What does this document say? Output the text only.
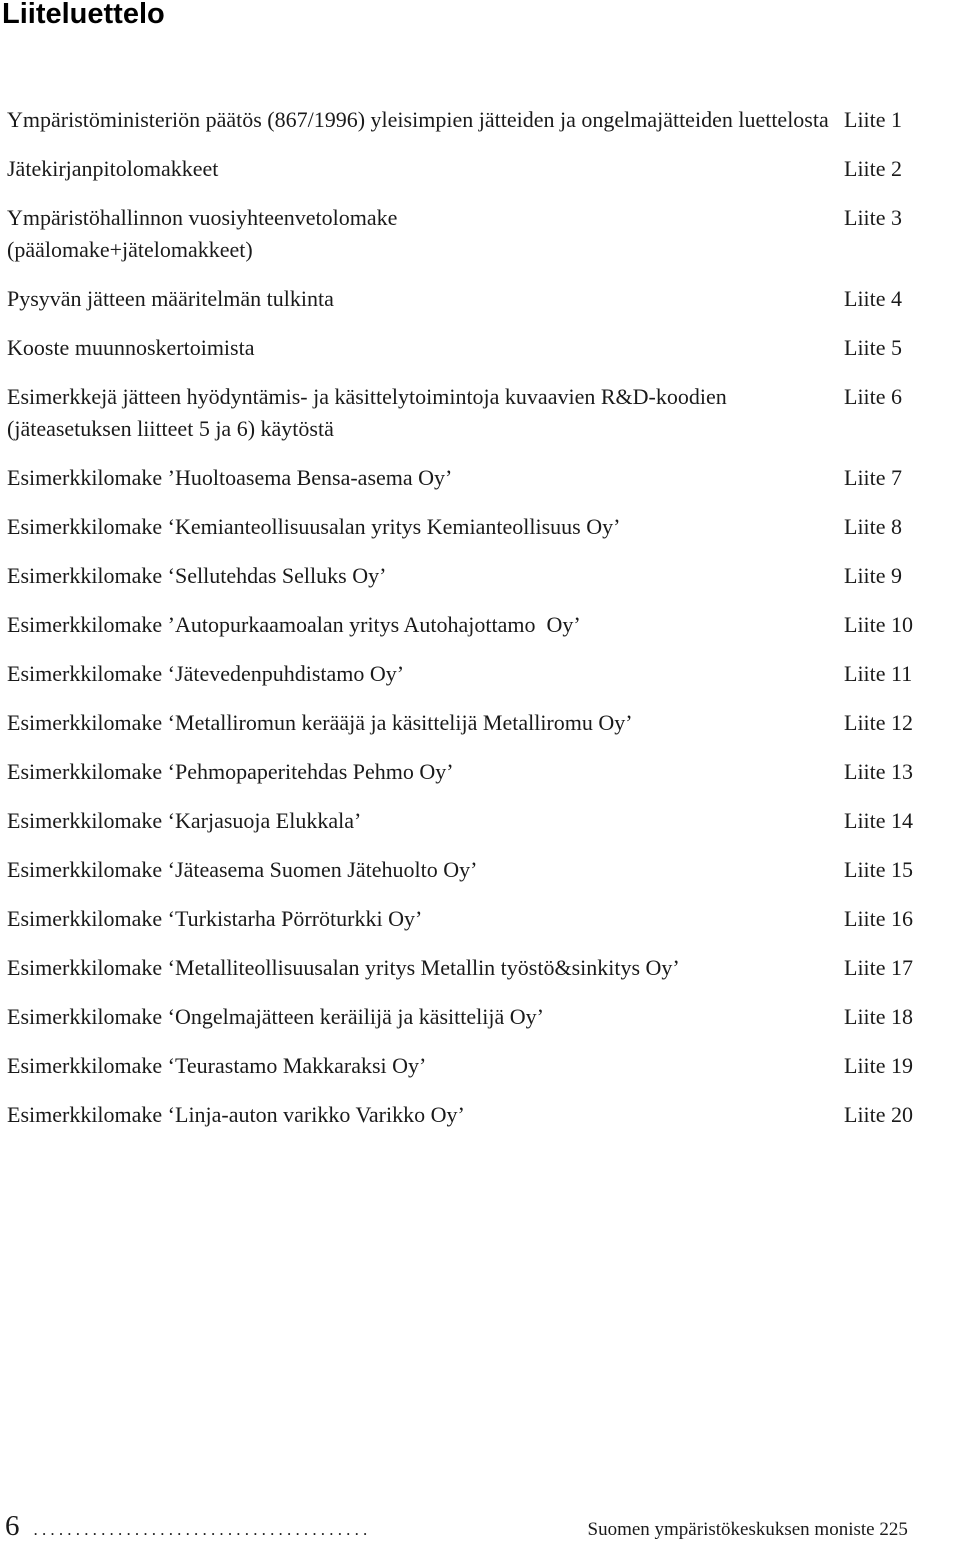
Liiteluettelo
Ympäristöministeriön päätös (867/1996) yleisimpien jätteiden ja ongelmajätteiden luettelosta Liite 1
Jätekirjanpitolomakkeet	Liite 2
Ympäristöhallinnon vuosiyhteenvetolomake
(päälomake+jätelomakkeet)
Liite 3
Pysyvän jätteen määritelmän tulkinta	Liite 4
Kooste muunnoskertoimista	Liite 5
Esimerkkejä jätteen hyödyntämis- ja käsittelytoimintoja kuvaavien R&D-koodien (jäteasetuksen liitteet 5 ja 6) käytöstä
Liite 6
Esimerkkilomake ’Huoltoasema Bensa-asema Oy’	Liite 7
Esimerkkilomake ‘Kemianteollisuusalan yritys Kemianteollisuus Oy’	Liite 8
Esimerkkilomake ‘Sellutehdas Selluks Oy’	Liite 9
Esimerkkilomake ’Autopurkaamoalan yritys Autohajottamo  Oy’	Liite 10
Esimerkkilomake ‘Jätevedenpuhdistamo Oy’	Liite 11
Esimerkkilomake ‘Metalliromun kerääjä ja käsittelijä Metalliromu Oy’	Liite 12
Esimerkkilomake ‘Pehmopaperitehdas Pehmo Oy’	Liite 13
Esimerkkilomake ‘Karjasuoja Elukkala’	Liite 14
Esimerkkilomake ‘Jäteasema Suomen Jätehuolto Oy’	Liite 15
Esimerkkilomake ‘Turkistarha Pörröturkki Oy’	Liite 16
Esimerkkilomake ‘Metalliteollisuusalan yritys Metallin työstö&sinkitys Oy’	Liite 17
Esimerkkilomake ‘Ongelmajätteen keräilijä ja käsittelijä Oy’	Liite 18
Esimerkkilomake ‘Teurastamo Makkaraksi Oy’	Liite 19
Esimerkkilomake ‘Linja-auton varikko Varikko Oy’	Liite 20
6 ........................................	Suomen ympäristökeskuksen moniste 225
